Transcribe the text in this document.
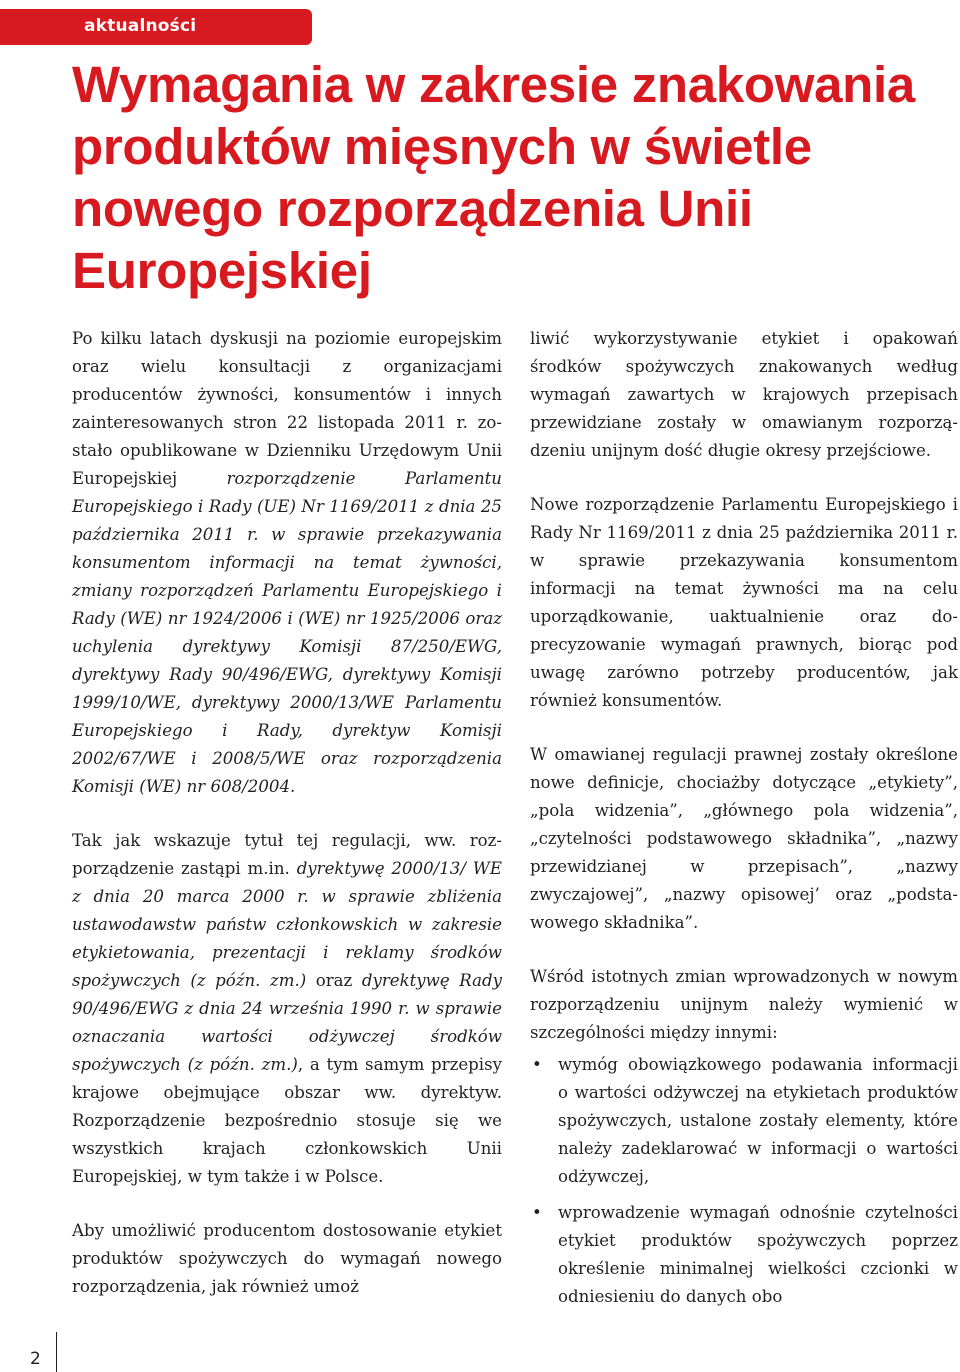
aktualności
Wymagania w zakresie znakowania produktów mięsnych w świetle nowego rozporządzenia Unii Europejskiej

Po kilku latach dyskusji na poziomie europejskim oraz wielu konsultacji z organizacjami producentów żywności, konsumentów i innych zainteresowanych stron 22 listopada 2011 r. zostało opublikowane w Dzienniku Urzędowym Unii Europejskiej rozporządzenie Parlamentu Europejskiego i Rady (UE) Nr 1169/2011 z dnia 25 października 2011 r. w sprawie przekazywania konsumentom informacji na temat żywności, zmiany rozporządzeń Parlamentu Europejskiego i Rady (WE) nr 1924/2006 i (WE) nr 1925/2006 oraz uchylenia dyrektywy Komisji 87/250/EWG, dyrektywy Rady 90/496/EWG, dyrektywy Komisji 1999/10/WE, dyrektywy 2000/13/WE Parlamentu Europejskiego i Rady, dyrektyw Komisji 2002/67/WE i 2008/5/WE oraz rozporządzenia Komisji (WE) nr 608/2004.

Tak jak wskazuje tytuł tej regulacji, ww. rozporządzenie zastąpi m.in. dyrektywę 2000/13/ WE z dnia 20 marca 2000 r. w sprawie zbliżenia ustawodawstw państw członkowskich w zakresie etykietowania, prezentacji i reklamy środków spożywczych (z późn. zm.) oraz dyrektywę Rady 90/496/EWG z dnia 24 września 1990 r. w sprawie oznaczania wartości odżywczej środków spożywczych (z późn. zm.), a tym samym przepisy krajowe obejmujące obszar ww. dyrektyw. Rozporządzenie bezpośrednio stosuje się we wszystkich krajach członkowskich Unii Europejskiej, w tym także i w Polsce.

Aby umożliwić producentom dostosowanie etykiet produktów spożywczych do wymagań nowego rozporządzenia, jak również umoż

liwić wykorzystywanie etykiet i opakowań środków spożywczych znakowanych według wymagań zawartych w krajowych przepisach przewidziane zostały w omawianym rozporządzeniu unijnym dość długie okresy przejściowe.

Nowe rozporządzenie Parlamentu Europejskiego i Rady Nr 1169/2011 z dnia 25 października 2011 r. w sprawie przekazywania konsumentom informacji na temat żywności ma na celu uporządkowanie, uaktualnienie oraz doprecyzowanie wymagań prawnych, biorąc pod uwagę zarówno potrzeby producentów, jak również konsumentów.

W omawianej regulacji prawnej zostały określone nowe definicje, chociażby dotyczące „etykiety”, „pola widzenia”, „głównego pola widzenia”, „czytelności podstawowego składnika”, „nazwy przewidzianej w przepisach”, „nazwy zwyczajowej”, „nazwy opisowej’ oraz „podstawowego składnika”.

Wśród istotnych zmian wprowadzonych w nowym rozporządzeniu unijnym należy wymienić w szczególności między innymi:

• wymóg obowiązkowego podawania informacji o wartości odżywczej na etykietach produktów spożywczych, ustalone zostały elementy, które należy zadeklarować w informacji o wartości odżywczej,
• wprowadzenie wymagań odnośnie czytelności etykiet produktów spożywczych poprzez określenie minimalnej wielkości czcionki w odniesieniu do danych obo
2
